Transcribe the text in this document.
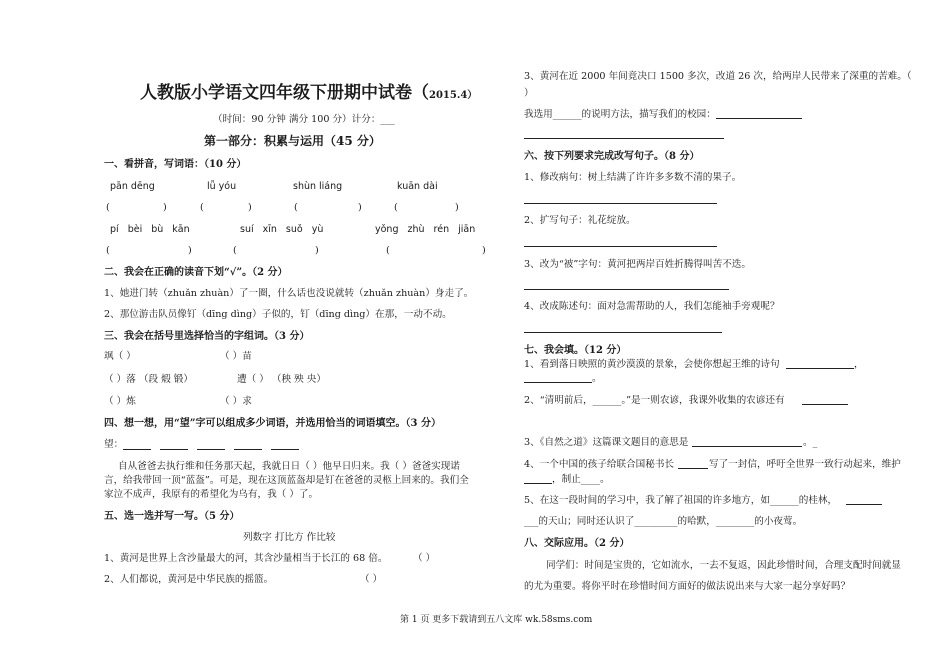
人教版小学语文四年级下册期中试卷（2015.4）
（时间：90 分钟 满分 100 分）计分：___
第一部分：积累与运用（45 分）
一、看拼音，写词语：（10 分）
pān dēng	lǚ yóu	shùn liáng	kuān dài
(	)	(	)	(	)	(	)
pí bèi bù kān	suí xīn suǒ yù	yǒng zhù rén jiān
(	)	(	)	(	)
二、我会在正确的读音下划“√”。（2 分）
1、她进门转（zhuǎn zhuàn）了一圈，什么话也没说就转（zhuǎn zhuàn）身走了。
2、那位游击队员像钉（dīng dìng）子似的，钉（dīng dìng）在那，一动不动。
三、我会在括号里选择恰当的字组词。（3 分）
飒（ ）	（ ）苗
（ ）落 （段 煅 锻）	遭（ ） （秧 殃 央）
（ ）炼	（ ）求
四、想一想，用“望”字可以组成多少词语，并选用恰当的词语填空。（3 分）
望：
自从爸爸去执行维和任务那天起，我就日日（ ）他早日归来。我（ ）爸爸实现诺
言，给我带回一顶“蓝盔”。可是，现在这顶蓝盔却是钉在爸爸的灵柩上回来的。我们全
家泣不成声，我原有的希望化为乌有，我（ ）了。
五、选一选并写一写。（5 分）
列数字 打比方 作比较
1、黄河是世界上含沙量最大的河，其含沙量相当于长江的 68 倍。	（ ）
2、人们都说，黄河是中华民族的摇篮。	（ ）
3、黄河在近 2000 年间竟决口 1500 多次，改道 26 次，给两岸人民带来了深重的苦难。（
）
我选用______的说明方法，描写我们的校园：
六、按下列要求完成改写句子。（8 分）
1、修改病句：树上结满了许许多多数不清的果子。
2、扩写句子：礼花绽放。
3、改为“被”字句：黄河把两岸百姓折腾得叫苦不迭。
4、改成陈述句：面对急需帮助的人，我们怎能袖手旁观呢？
七、我会填。（12 分）
1、看到落日映照的黄沙漠漠的景象，会使你想起王维的诗句	，
。
2、“清明前后，______。”是一则农谚，我课外收集的农谚还有
3、《自然之道》这篇课文题目的意思是	。_
4、一个中国的孩子给联合国秘书长	写了一封信，呼吁全世界一致行动起来，维护
，制止____。
5、在这一段时间的学习中，我了解了祖国的许多地方，如______的桂林，
___的天山；同时还认识了_________的哈默，________的小夜莺。
八、交际应用。（2 分）
同学们：时间是宝贵的，它如流水，一去不复返，因此珍惜时间，合理支配时间就显
的尤为重要。将你平时在珍惜时间方面好的做法说出来与大家一起分享好吗？
第 1 页 更多下载请到五八文库 wk.58sms.com
